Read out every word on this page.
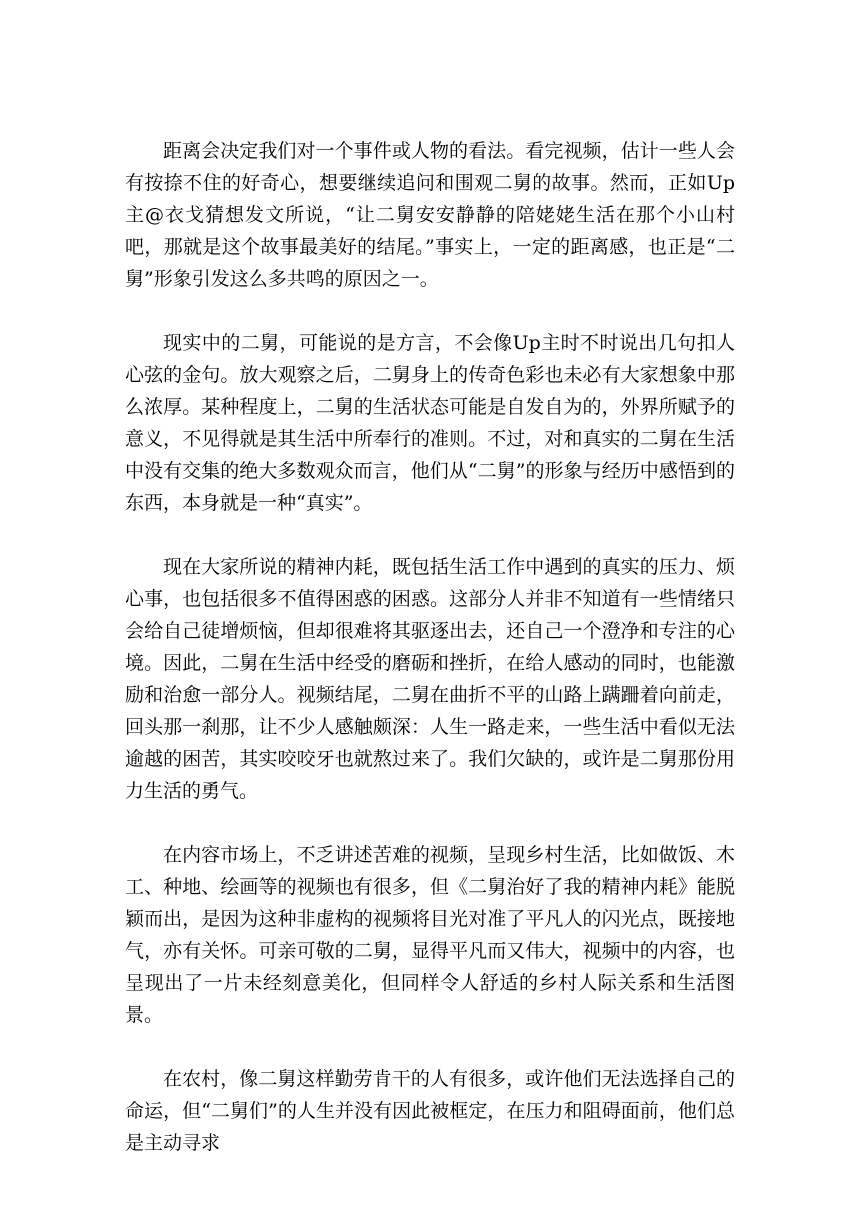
距离会决定我们对一个事件或人物的看法。看完视频，估计一些人会有按捺不住的好奇心，想要继续追问和围观二舅的故事。然而，正如Up主@衣戈猜想发文所说，“让二舅安安静静的陪姥姥生活在那个小山村吧，那就是这个故事最美好的结尾。”事实上，一定的距离感，也正是“二舅”形象引发这么多共鸣的原因之一。

现实中的二舅，可能说的是方言，不会像Up主时不时说出几句扣人心弦的金句。放大观察之后，二舅身上的传奇色彩也未必有大家想象中那么浓厚。某种程度上，二舅的生活状态可能是自发自为的，外界所赋予的意义，不见得就是其生活中所奉行的准则。不过，对和真实的二舅在生活中没有交集的绝大多数观众而言，他们从“二舅”的形象与经历中感悟到的东西，本身就是一种“真实”。

现在大家所说的精神内耗，既包括生活工作中遇到的真实的压力、烦心事，也包括很多不值得困惑的困惑。这部分人并非不知道有一些情绪只会给自己徒增烦恼，但却很难将其驱逐出去，还自己一个澄净和专注的心境。因此，二舅在生活中经受的磨砺和挫折，在给人感动的同时，也能激励和治愈一部分人。视频结尾，二舅在曲折不平的山路上蹒跚着向前走，回头那一刹那，让不少人感触颇深：人生一路走来，一些生活中看似无法逾越的困苦，其实咬咬牙也就熬过来了。我们欠缺的，或许是二舅那份用力生活的勇气。

在内容市场上，不乏讲述苦难的视频，呈现乡村生活，比如做饭、木工、种地、绘画等的视频也有很多，但《二舅治好了我的精神内耗》能脱颖而出，是因为这种非虚构的视频将目光对准了平凡人的闪光点，既接地气，亦有关怀。可亲可敬的二舅，显得平凡而又伟大，视频中的内容，也呈现出了一片未经刻意美化，但同样令人舒适的乡村人际关系和生活图景。

在农村，像二舅这样勤劳肯干的人有很多，或许他们无法选择自己的命运，但“二舅们”的人生并没有因此被框定，在压力和阻碍面前，他们总是主动寻求
